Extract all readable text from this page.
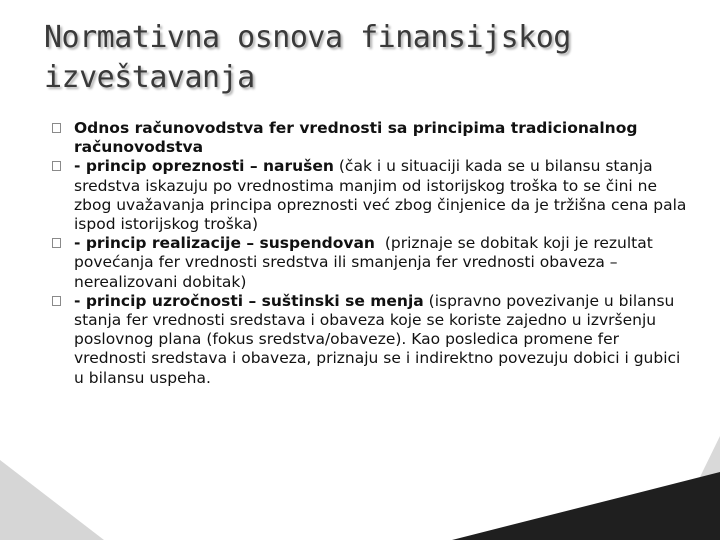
Normativna osnova finansijskog izveštavanja
Odnos računovodstva fer vrednosti sa principima tradicionalnog računovodstva
- princip opreznosti – narušen (čak i u situaciji kada se u bilansu stanja sredstva iskazuju po vrednostima manjim od istorijskog troška to se čini ne zbog uvažavanja principa opreznosti već zbog činjenice da je tržišna cena pala ispod istorijskog troška)
- princip realizacije – suspendovan  (priznaje se dobitak koji je rezultat povećanja fer vrednosti sredstva ili smanjenja fer vrednosti obaveza – nerealizovani dobitak)
- princip uzročnosti – suštinski se menja (ispravno povezivanje u bilansu stanja fer vrednosti sredstava i obaveza koje se koriste zajedno u izvršenju poslovnog plana (fokus sredstva/obaveze). Kao posledica promene fer vrednosti sredstava i obaveza, priznaju se i indirektno povezuju dobici i gubici u bilansu uspeha.
